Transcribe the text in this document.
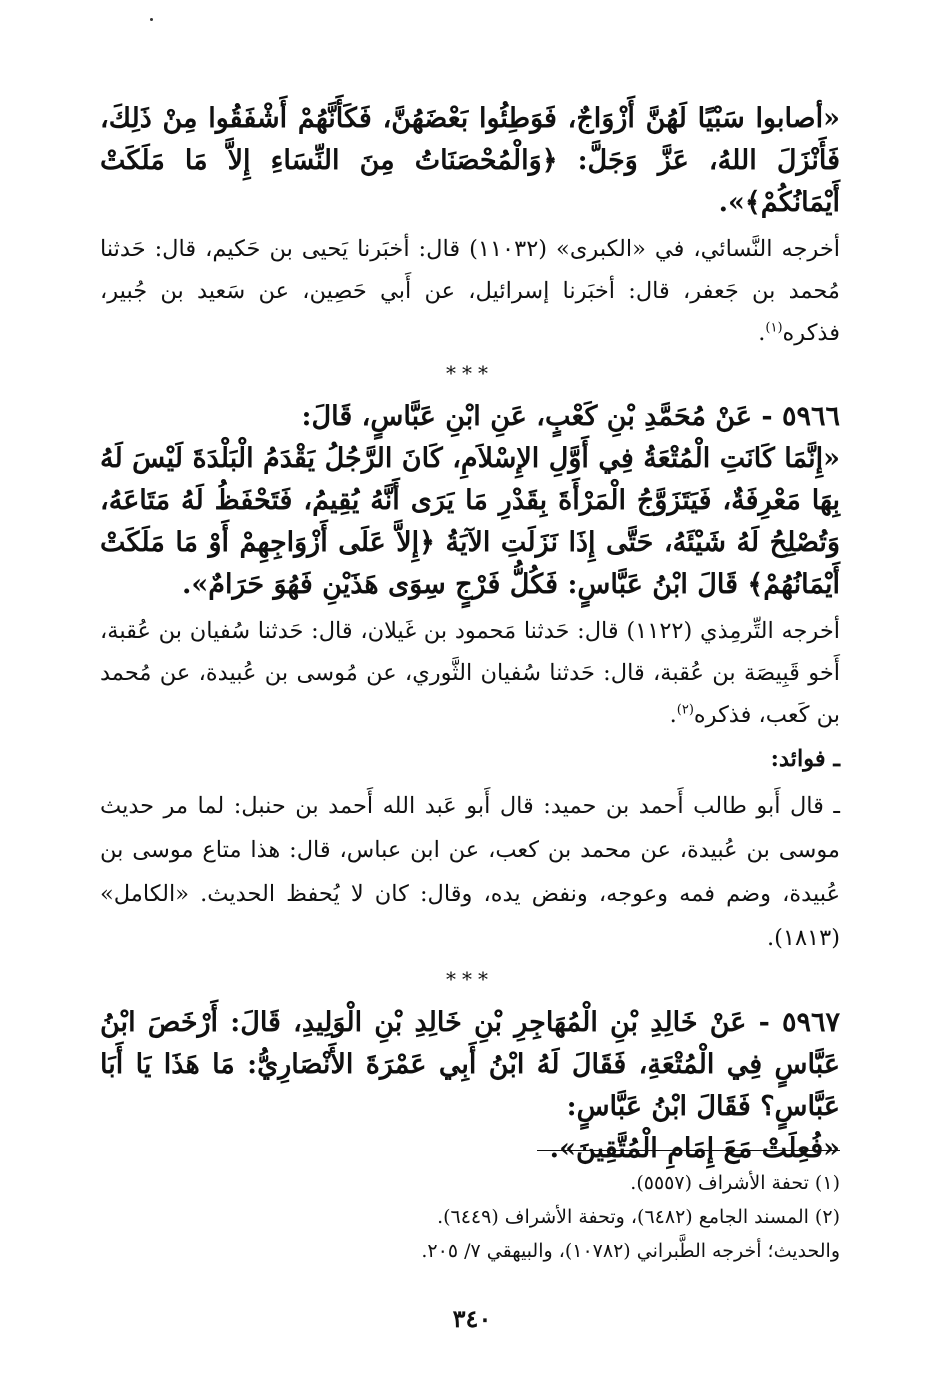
«أصابوا سَبْيًا لَهُنَّ أَزْوَاجٌ، فَوَطِئُوا بَعْضَهُنَّ، فَكَأَنَّهُمْ أَشْفَقُوا مِنْ ذَلِكَ، فَأَنْزَلَ اللهُ، عَزَّ وَجَلَّ: ﴿وَالْمُحْصَنَاتُ مِنَ النِّسَاءِ إِلاَّ مَا مَلَكَتْ أَيْمَانُكُمْ﴾».

أخرجه النَّسائي، في «الكبرى» (١١٠٣٢) قال: أخبَرنا يَحيى بن حَكيم، قال: حَدثنا مُحمد بن جَعفر، قال: أخبَرنا إسرائيل، عن أَبي حَصِين، عن سَعيد بن جُبير، فذكره$^{(١)}$.

***

٥٩٦٦ - عَنْ مُحَمَّدِ بْنِ كَعْبٍ، عَنِ ابْنِ عَبَّاسٍ، قَالَ:

«إِنَّمَا كَانَتِ الْمُتْعَةُ فِي أَوَّلِ الإِسْلاَمِ، كَانَ الرَّجُلُ يَقْدَمُ الْبَلْدَةَ لَيْسَ لَهُ بِهَا مَعْرِفَةٌ، فَيَتَزَوَّجُ الْمَرْأَةَ بِقَدْرِ مَا يَرَى أَنَّهُ يُقِيمُ، فَتَحْفَظُ لَهُ مَتَاعَهُ، وَتُصْلِحُ لَهُ شَيْئَهُ، حَتَّى إِذَا نَزَلَتِ الآيَةُ ﴿إِلاَّ عَلَى أَزْوَاجِهِمْ أَوْ مَا مَلَكَتْ أَيْمَانُهُمْ﴾ قَالَ ابْنُ عَبَّاسٍ: فَكُلُّ فَرْجٍ سِوَى هَذَيْنِ فَهُوَ حَرَامٌ».

أخرجه التِّرمِذي (١١٢٢) قال: حَدثنا مَحمود بن غَيلان، قال: حَدثنا سُفيان بن عُقبة، أَخو قَبِيصَة بن عُقبة، قال: حَدثنا سُفيان الثَّوري، عن مُوسى بن عُبيدة، عن مُحمد بن كَعب، فذكره$^{(٢)}$.

ـ فوائد:

ـ قال أَبو طالب أَحمد بن حميد: قال أَبو عَبد الله أَحمد بن حنبل: لما مر حديث موسى بن عُبيدة، عن محمد بن كعب، عن ابن عباس، قال: هذا متاع موسى بن عُبيدة، وضم فمه وعوجه، ونفض يده، وقال: كان لا يُحفظ الحديث. «الكامل» (١٨١٣).

***

٥٩٦٧ - عَنْ خَالِدِ بْنِ الْمُهَاجِرِ بْنِ خَالِدِ بْنِ الْوَلِيدِ، قَالَ: أَرْخَصَ ابْنُ عَبَّاسٍ فِي الْمُتْعَةِ، فَقَالَ لَهُ ابْنُ أَبِي عَمْرَةَ الأَنْصَارِيُّ: مَا هَذَا يَا أَبَا عَبَّاسٍ؟ فَقَالَ ابْنُ عَبَّاسٍ:

«فُعِلَتْ مَعَ إِمَامِ الْمُتَّقِينَ».

(١) تحفة الأشراف (٥٥٥٧).

(٢) المسند الجامع (٦٤٨٢)، وتحفة الأشراف (٦٤٤٩).

والحديث؛ أخرجه الطَّبراني (١٠٧٨٢)، والبيهقي ٧/ ٢٠٥.

٣٤٠
